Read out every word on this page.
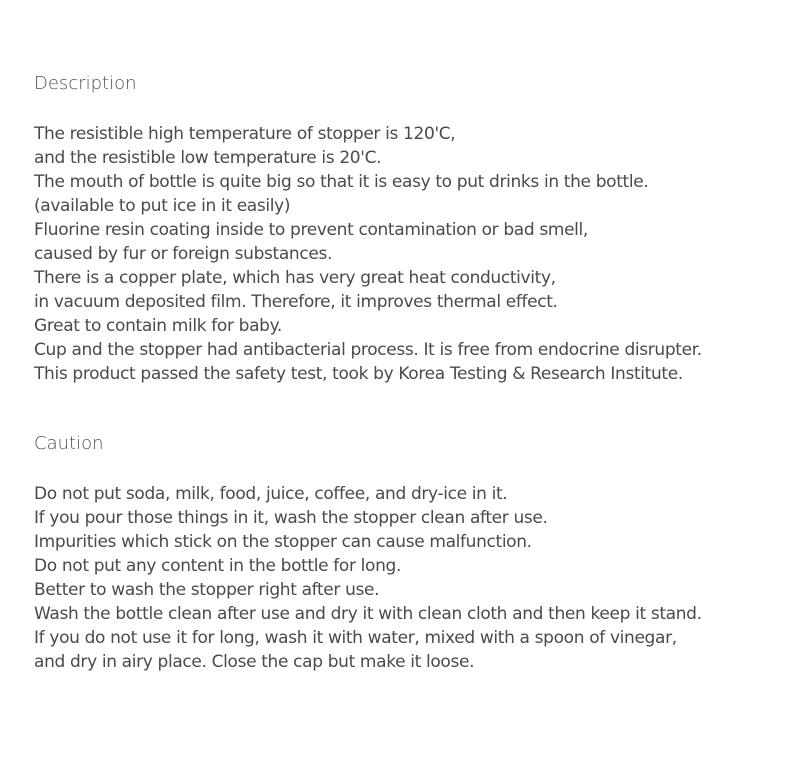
Description
The resistible high temperature of stopper is 120'C,
and the resistible low temperature is 20'C.
The mouth of bottle is quite big so that it is easy to put drinks in the bottle.
(available to put ice in it easily)
Fluorine resin coating inside to prevent contamination or bad smell,
caused by fur or foreign substances.
There is a copper plate, which has very great heat conductivity,
in vacuum deposited film. Therefore, it improves thermal effect.
Great to contain milk for baby.
Cup and the stopper had antibacterial process. It is free from endocrine disrupter.
This product passed the safety test, took by Korea Testing & Research Institute.
Caution
Do not put soda, milk, food, juice, coffee, and dry-ice in it.
If you pour those things in it, wash the stopper clean after use.
Impurities which stick on the stopper can cause malfunction.
Do not put any content in the bottle for long.
Better to wash the stopper right after use.
Wash the bottle clean after use and dry it with clean cloth and then keep it stand.
If you do not use it for long, wash it with water, mixed with a spoon of vinegar,
and dry in airy place. Close the cap but make it loose.
